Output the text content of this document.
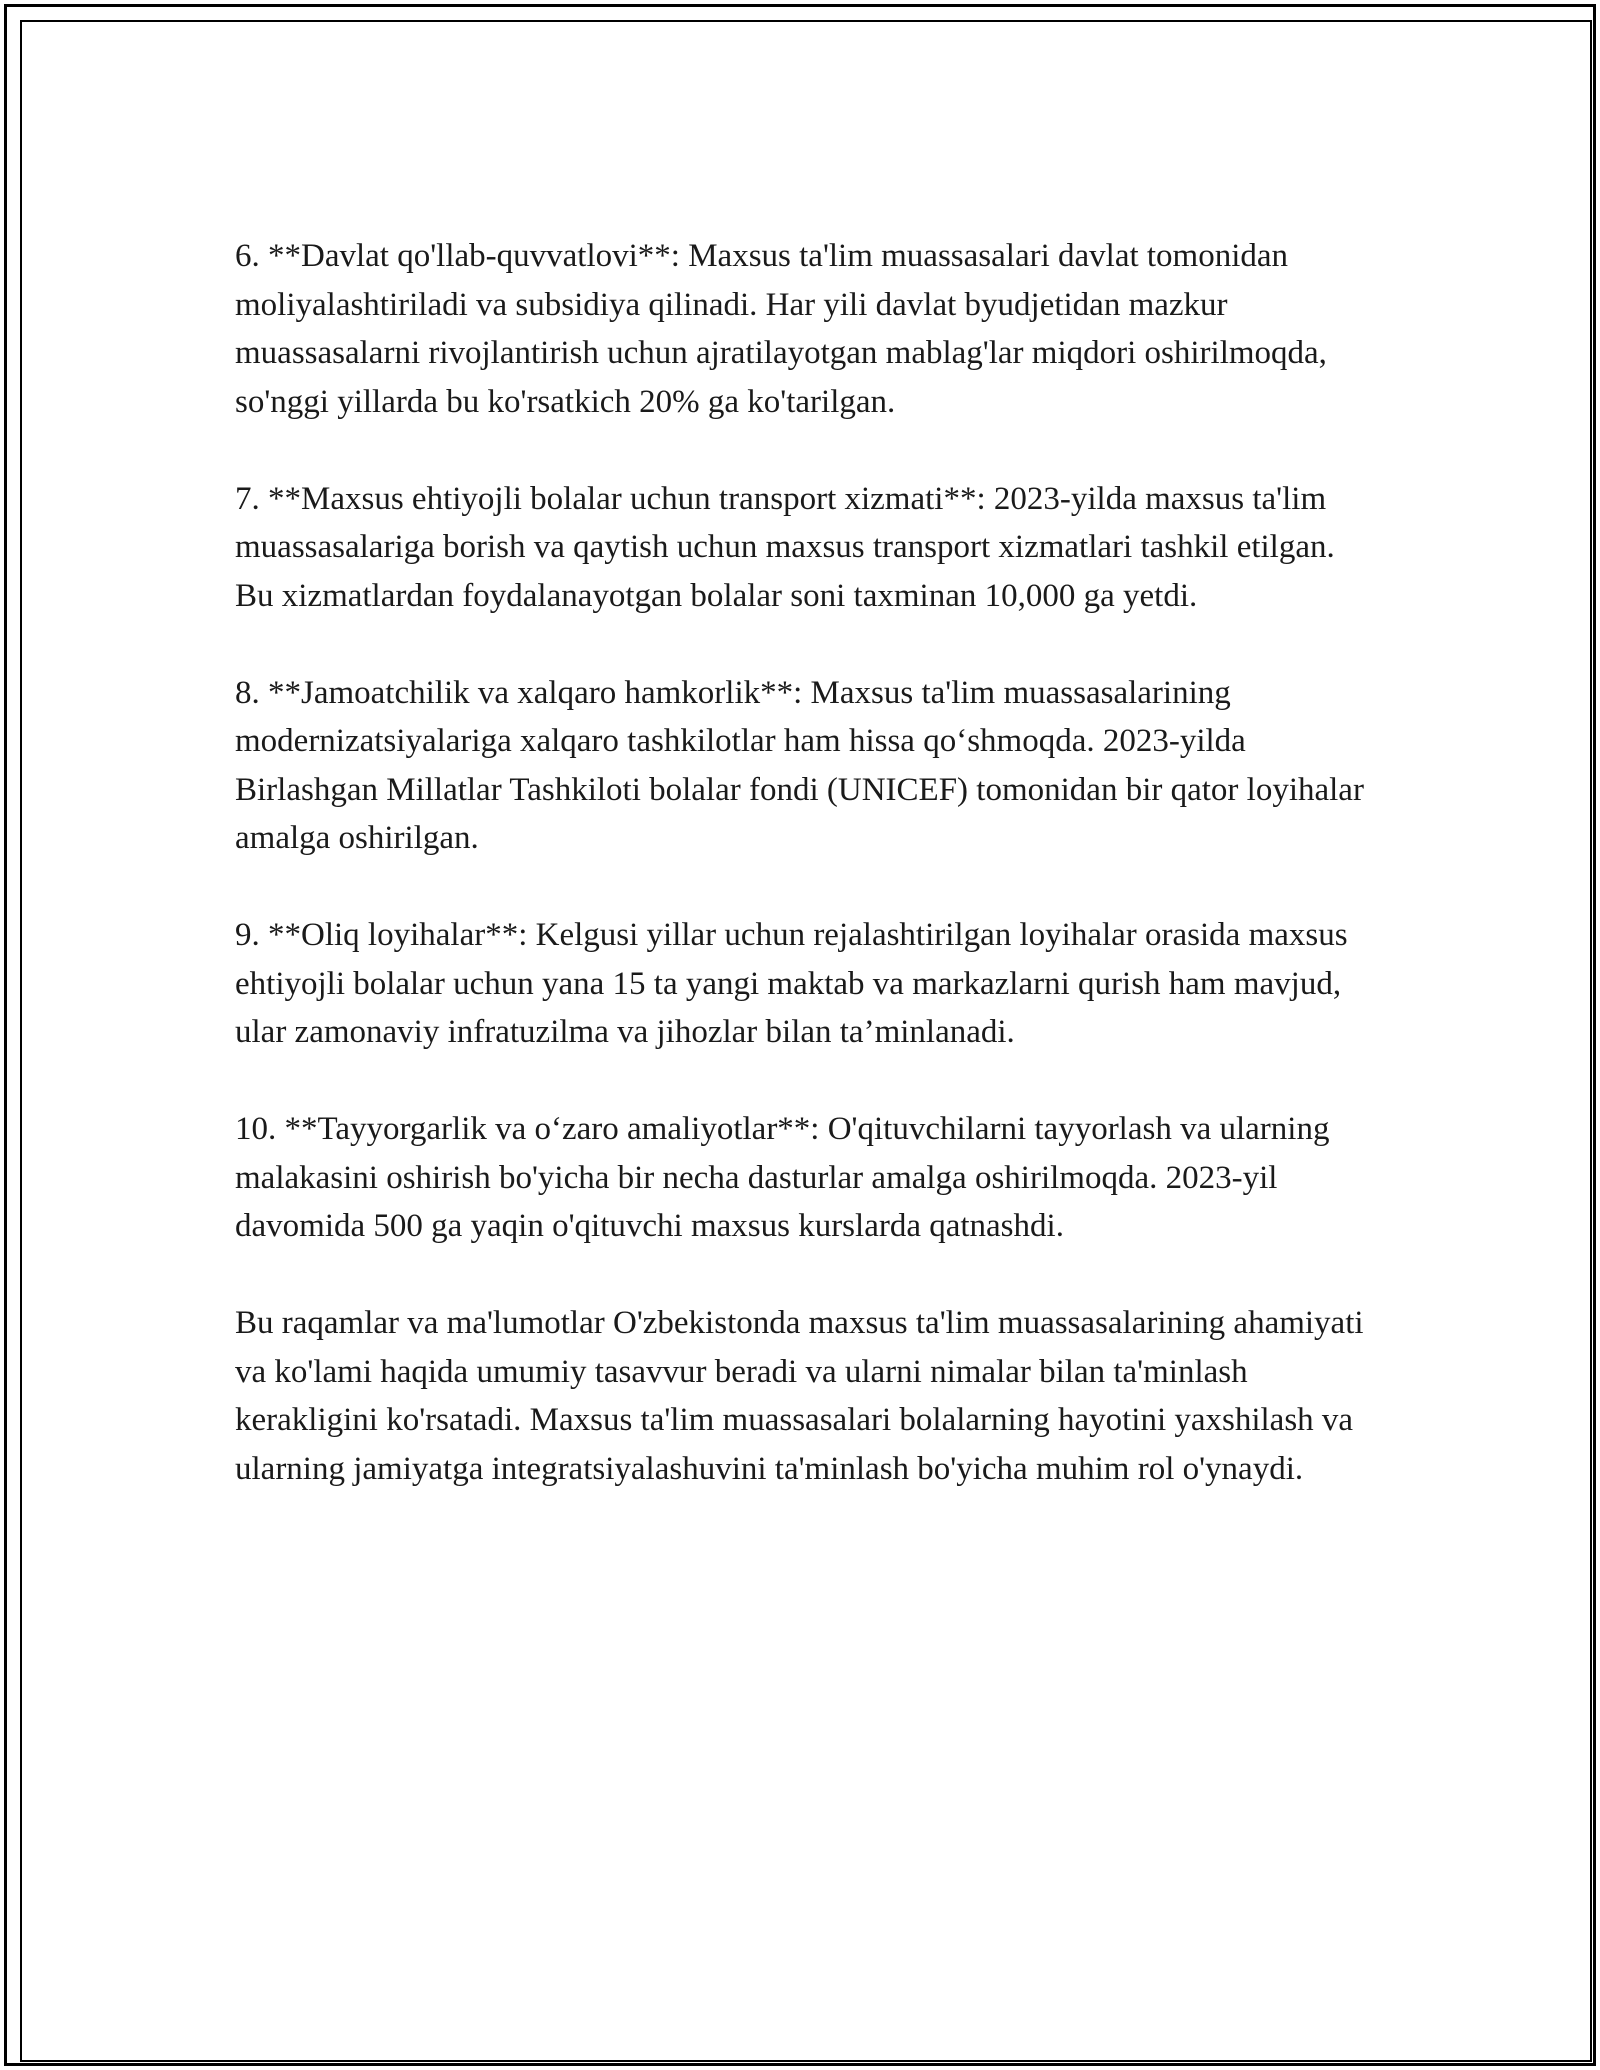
6. **Davlat qo'llab-quvvatlovi**: Maxsus ta'lim muassasalari davlat tomonidan moliyalashtiriladi va subsidiya qilinadi. Har yili davlat byudjetidan mazkur muassasalarni rivojlantirish uchun ajratilayotgan mablag'lar miqdori oshirilmoqda, so'nggi yillarda bu ko'rsatkich 20% ga ko'tarilgan.

7. **Maxsus ehtiyojli bolalar uchun transport xizmati**: 2023-yilda maxsus ta'lim muassasalariga borish va qaytish uchun maxsus transport xizmatlari tashkil etilgan. Bu xizmatlardan foydalanayotgan bolalar soni taxminan 10,000 ga yetdi.

8. **Jamoatchilik va xalqaro hamkorlik**: Maxsus ta'lim muassasalarining modernizatsiyalariga xalqaro tashkilotlar ham hissa qo‘shmoqda. 2023-yilda Birlashgan Millatlar Tashkiloti bolalar fondi (UNICEF) tomonidan bir qator loyihalar amalga oshirilgan.

9. **Oliq loyihalar**: Kelgusi yillar uchun rejalashtirilgan loyihalar orasida maxsus ehtiyojli bolalar uchun yana 15 ta yangi maktab va markazlarni qurish ham mavjud, ular zamonaviy infratuzilma va jihozlar bilan ta’minlanadi.

10. **Tayyorgarlik va o‘zaro amaliyotlar**: O'qituvchilarni tayyorlash va ularning malakasini oshirish bo'yicha bir necha dasturlar amalga oshirilmoqda. 2023-yil davomida 500 ga yaqin o'qituvchi maxsus kurslarda qatnashdi.

Bu raqamlar va ma'lumotlar O'zbekistonda maxsus ta'lim muassasalarining ahamiyati va ko'lami haqida umumiy tasavvur beradi va ularni nimalar bilan ta'minlash kerakligini ko'rsatadi. Maxsus ta'lim muassasalari bolalarning hayotini yaxshilash va ularning jamiyatga integratsiyalashuvini ta'minlash bo'yicha muhim rol o'ynaydi.
